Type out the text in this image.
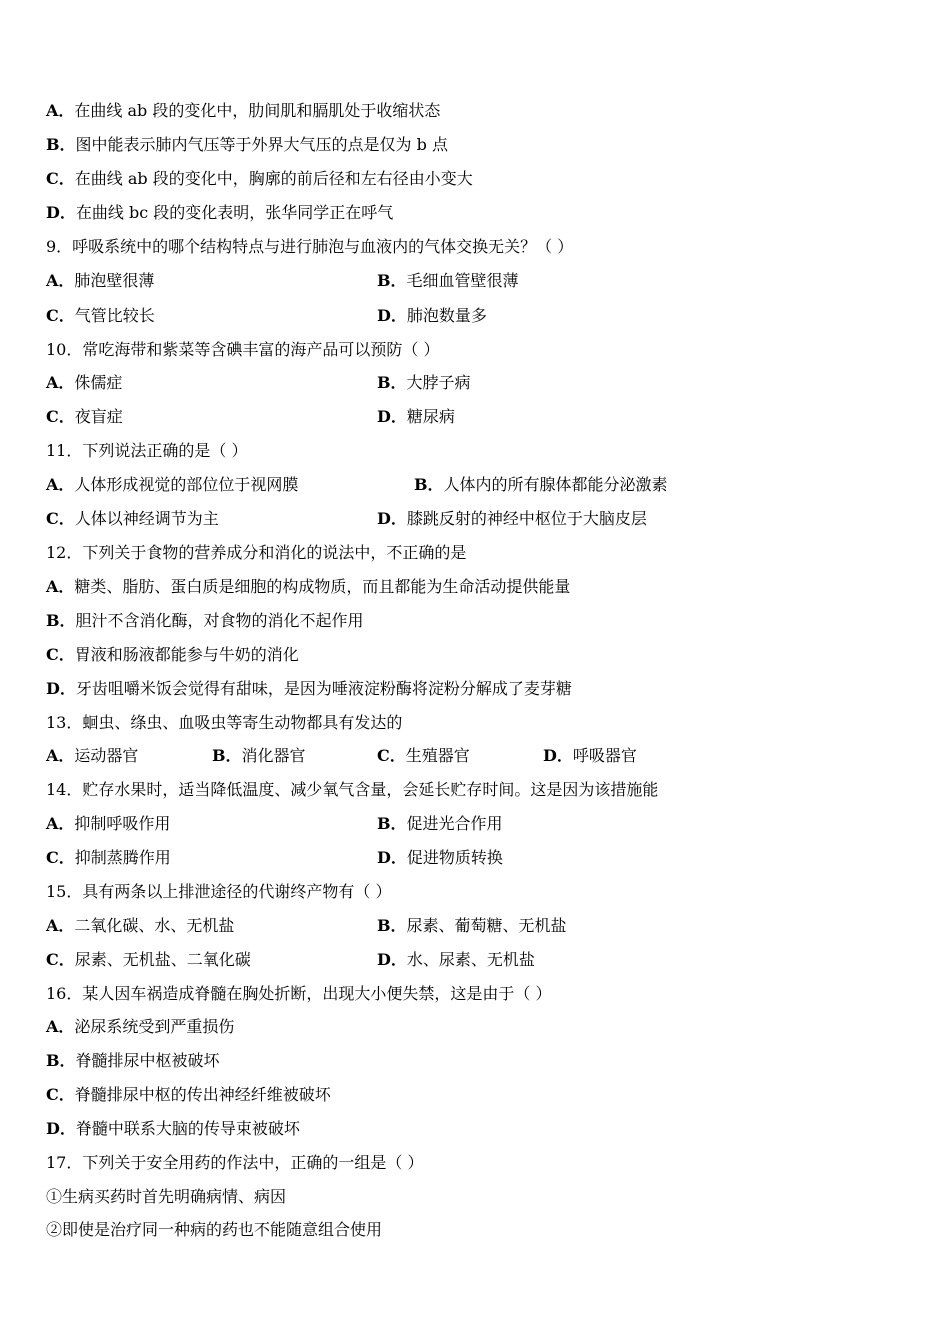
A．在曲线 ab 段的变化中，肋间肌和膈肌处于收缩状态
B．图中能表示肺内气压等于外界大气压的点是仅为 b 点
C．在曲线 ab 段的变化中，胸廓的前后径和左右径由小变大
D．在曲线 bc 段的变化表明，张华同学正在呼气
9．呼吸系统中的哪个结构特点与进行肺泡与血液内的气体交换无关？（ ）
A．肺泡壁很薄	B．毛细血管壁很薄
C．气管比较长	D．肺泡数量多
10．常吃海带和紫菜等含碘丰富的海产品可以预防（ ）
A．侏儒症	B．大脖子病
C．夜盲症	D．糖尿病
11．下列说法正确的是（ ）
A．人体形成视觉的部位位于视网膜	B．人体内的所有腺体都能分泌激素
C．人体以神经调节为主	D．膝跳反射的神经中枢位于大脑皮层
12．下列关于食物的营养成分和消化的说法中，不正确的是
A．糖类、脂肪、蛋白质是细胞的构成物质，而且都能为生命活动提供能量
B．胆汁不含消化酶，对食物的消化不起作用
C．胃液和肠液都能参与牛奶的消化
D．牙齿咀嚼米饭会觉得有甜味，是因为唾液淀粉酶将淀粉分解成了麦芽糖
13．蛔虫、绦虫、血吸虫等寄生动物都具有发达的
A．运动器官	B．消化器官	C．生殖器官	D．呼吸器官
14．贮存水果时，适当降低温度、减少氧气含量，会延长贮存时间。这是因为该措施能
A．抑制呼吸作用	B．促进光合作用
C．抑制蒸腾作用	D．促进物质转换
15．具有两条以上排泄途径的代谢终产物有（ ）
A．二氧化碳、水、无机盐	B．尿素、葡萄糖、无机盐
C．尿素、无机盐、二氧化碳	D．水、尿素、无机盐
16．某人因车祸造成脊髓在胸处折断，出现大小便失禁，这是由于（ ）
A．泌尿系统受到严重损伤
B．脊髓排尿中枢被破坏
C．脊髓排尿中枢的传出神经纤维被破坏
D．脊髓中联系大脑的传导束被破坏
17．下列关于安全用药的作法中，正确的一组是（ ）
①生病买药时首先明确病情、病因
②即使是治疗同一种病的药也不能随意组合使用
